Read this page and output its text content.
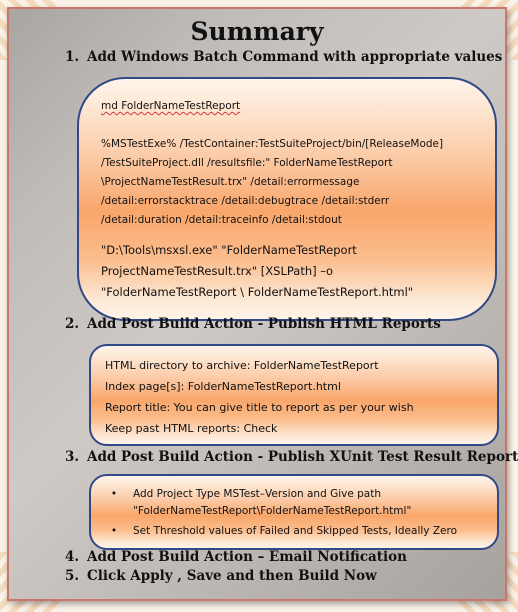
Summary
1. Add Windows Batch Command with appropriate values
md FolderNameTestReport
%MSTestExe% /TestContainer:TestSuiteProject/bin/[ReleaseMode]
/TestSuiteProject.dll /resultsfile:" FolderNameTestReport
\ProjectNameTestResult.trx" /detail:errormessage
/detail:errorstacktrace /detail:debugtrace /detail:stderr
/detail:duration /detail:traceinfo /detail:stdout
"D:\Tools\msxsl.exe" "FolderNameTestReport
ProjectNameTestResult.trx" [XSLPath] –o
"FolderNameTestReport \ FolderNameTestReport.html"
2. Add Post Build Action - Publish HTML Reports
HTML directory to archive: FolderNameTestReport
Index page[s]: FolderNameTestReport.html
Report title: You can give title to report as per your wish
Keep past HTML reports: Check
3. Add Post Build Action - Publish XUnit Test Result Report
• Add Project Type MSTest–Version and Give path
"FolderNameTestReport\FolderNameTestReport.html"
• Set Threshold values of Failed and Skipped Tests, Ideally Zero
4. Add Post Build Action – Email Notification
5. Click Apply , Save and then Build Now
